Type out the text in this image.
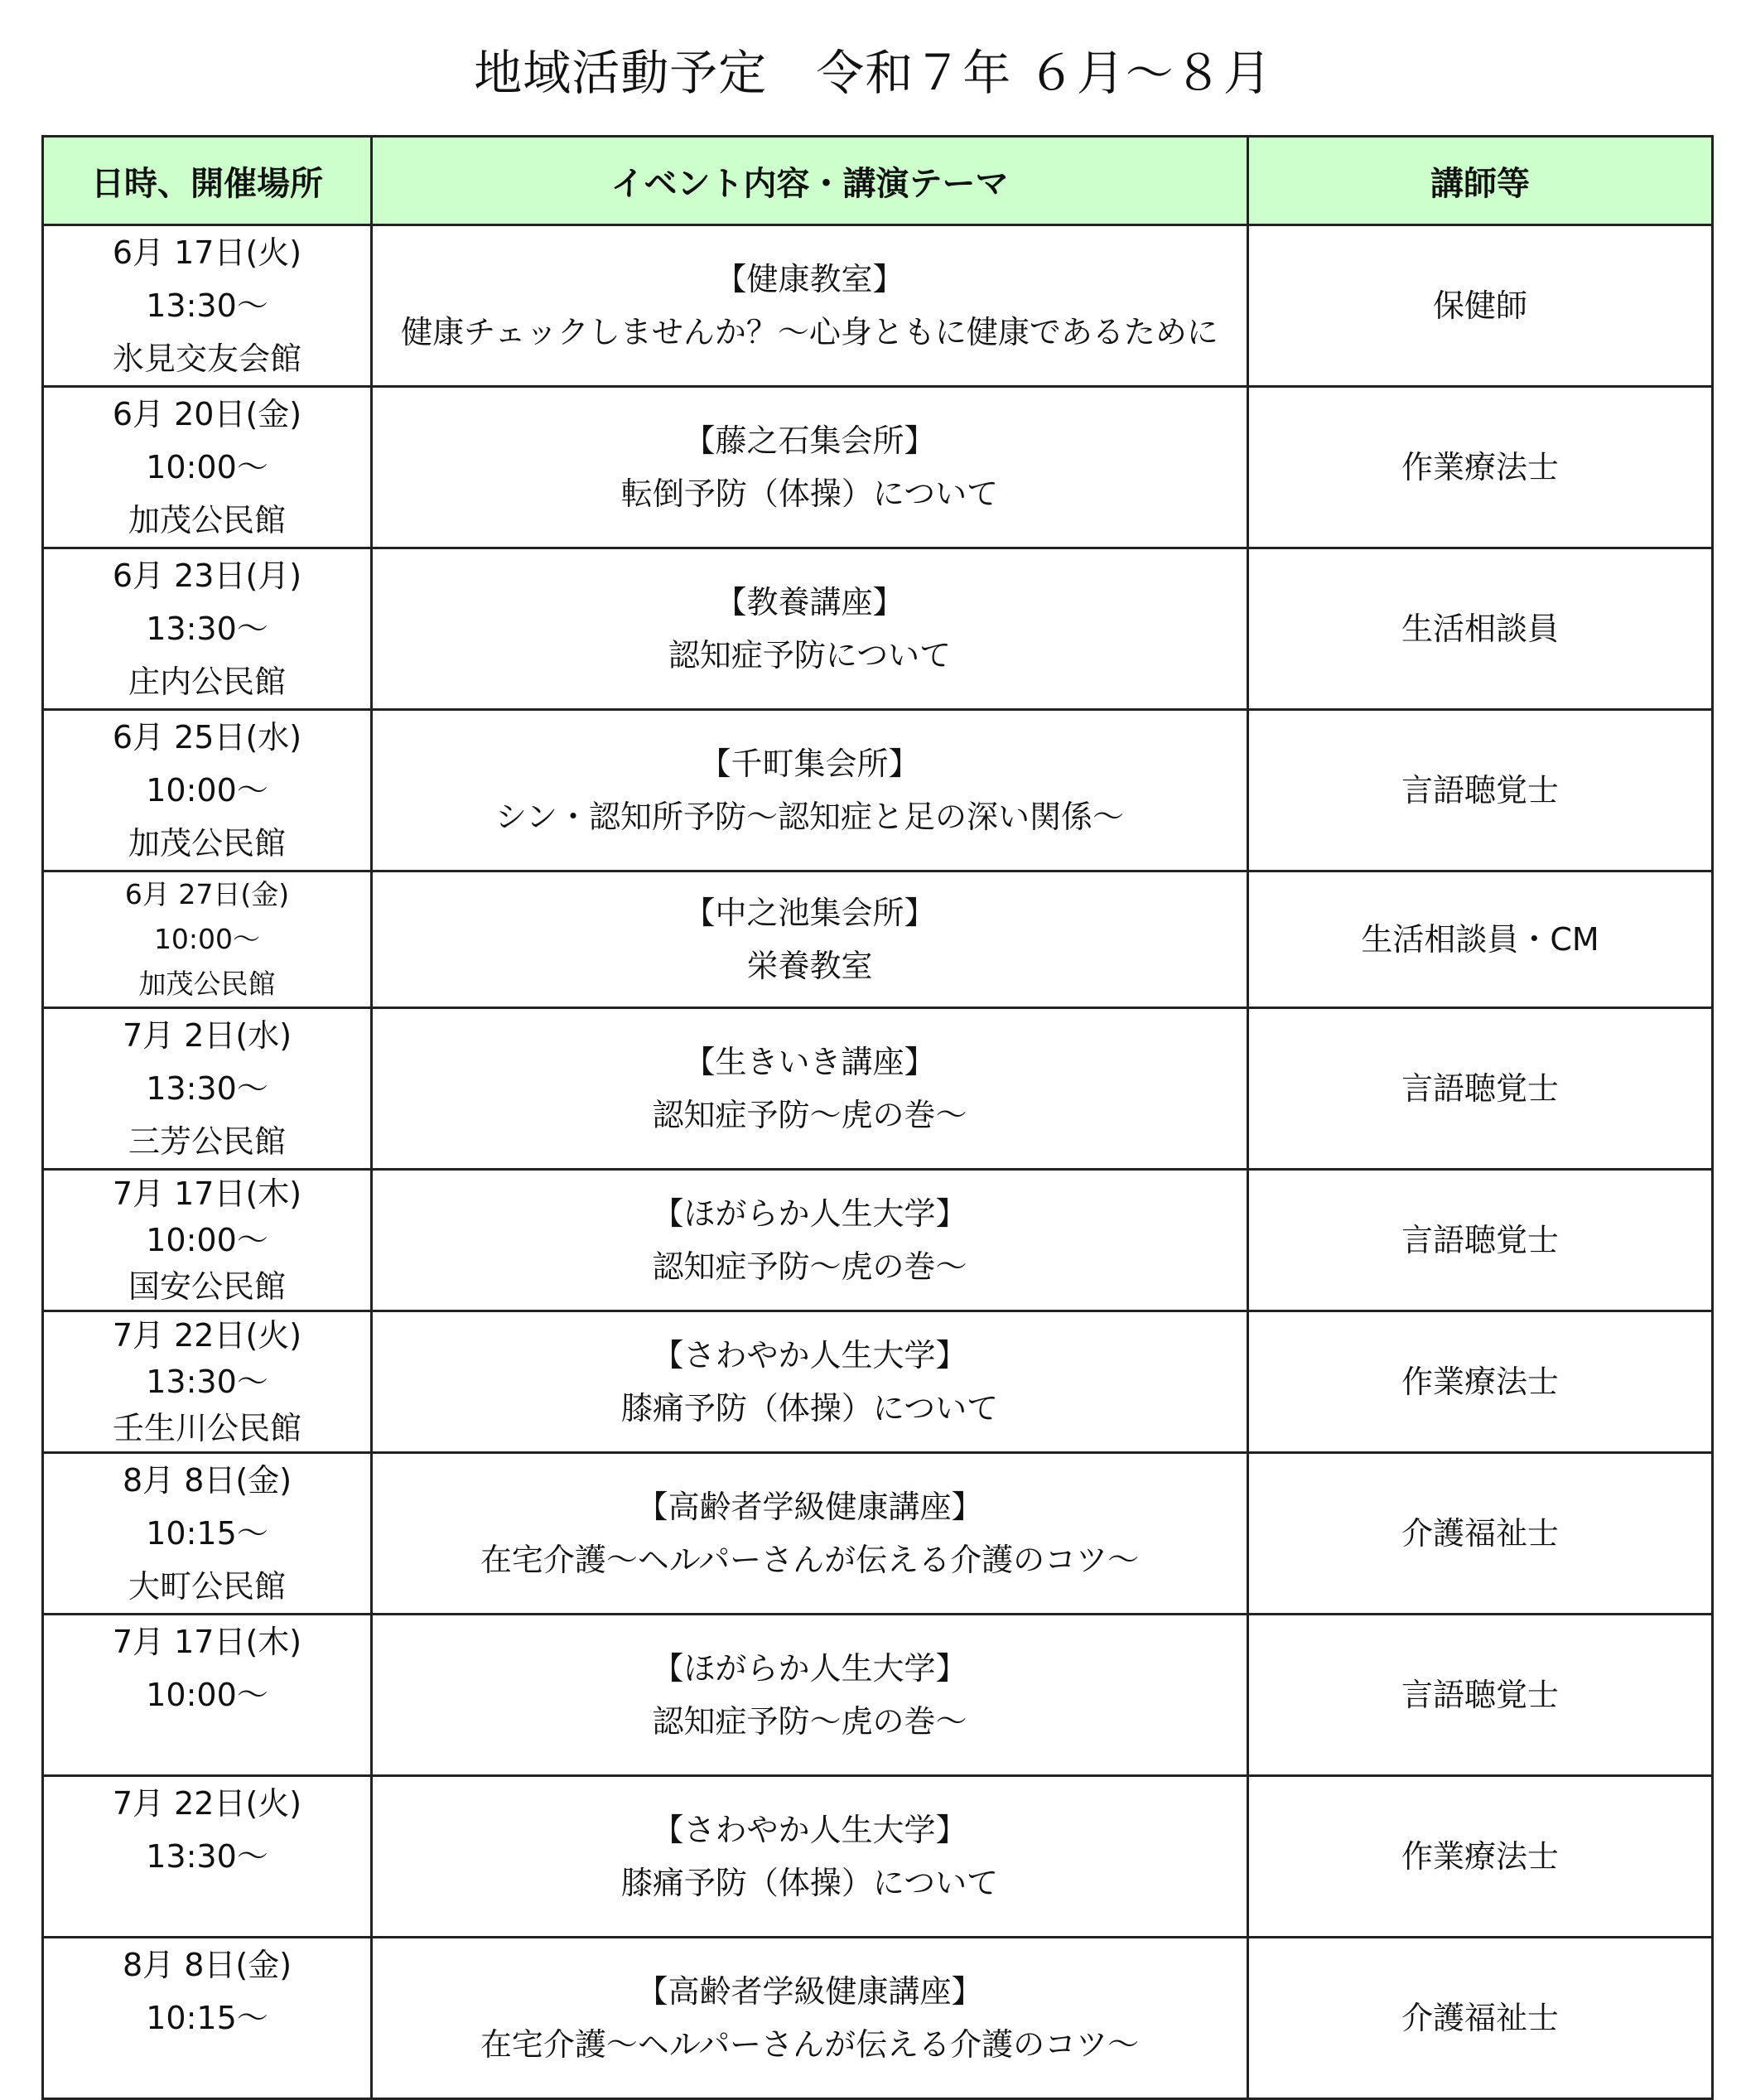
地域活動予定　令和７年 ６月～８月
日時、開催場所	イベント内容・講演テーマ	講師等

6月 17日(火)
13:30～
氷見交友会館	【健康教室】
健康チェックしませんか？～心身ともに健康であるために	保健師

6月 20日(金)
10:00～
加茂公民館	【藤之石集会所】
転倒予防（体操）について	作業療法士

6月 23日(月)
13:30～
庄内公民館	【教養講座】
認知症予防について	生活相談員

6月 25日(水)
10:00～
加茂公民館	【千町集会所】
シン・認知所予防～認知症と足の深い関係～	言語聴覚士

6月 27日(金)
10:00～
加茂公民館	【中之池集会所】
栄養教室	生活相談員・CM

7月 2日(水)
13:30～
三芳公民館	【生きいき講座】
認知症予防～虎の巻～	言語聴覚士

7月 17日(木)
10:00～
国安公民館	【ほがらか人生大学】
認知症予防～虎の巻～	言語聴覚士

7月 22日(火)
13:30～
壬生川公民館	【さわやか人生大学】
膝痛予防（体操）について	作業療法士

8月 8日(金)
10:15～
大町公民館	【高齢者学級健康講座】
在宅介護～ヘルパーさんが伝える介護のコツ～	介護福祉士

7月 17日(木)
10:00～	【ほがらか人生大学】
認知症予防～虎の巻～	言語聴覚士

7月 22日(火)
13:30～	【さわやか人生大学】
膝痛予防（体操）について	作業療法士

8月 8日(金)
10:15～	【高齢者学級健康講座】
在宅介護～ヘルパーさんが伝える介護のコツ～	介護福祉士
